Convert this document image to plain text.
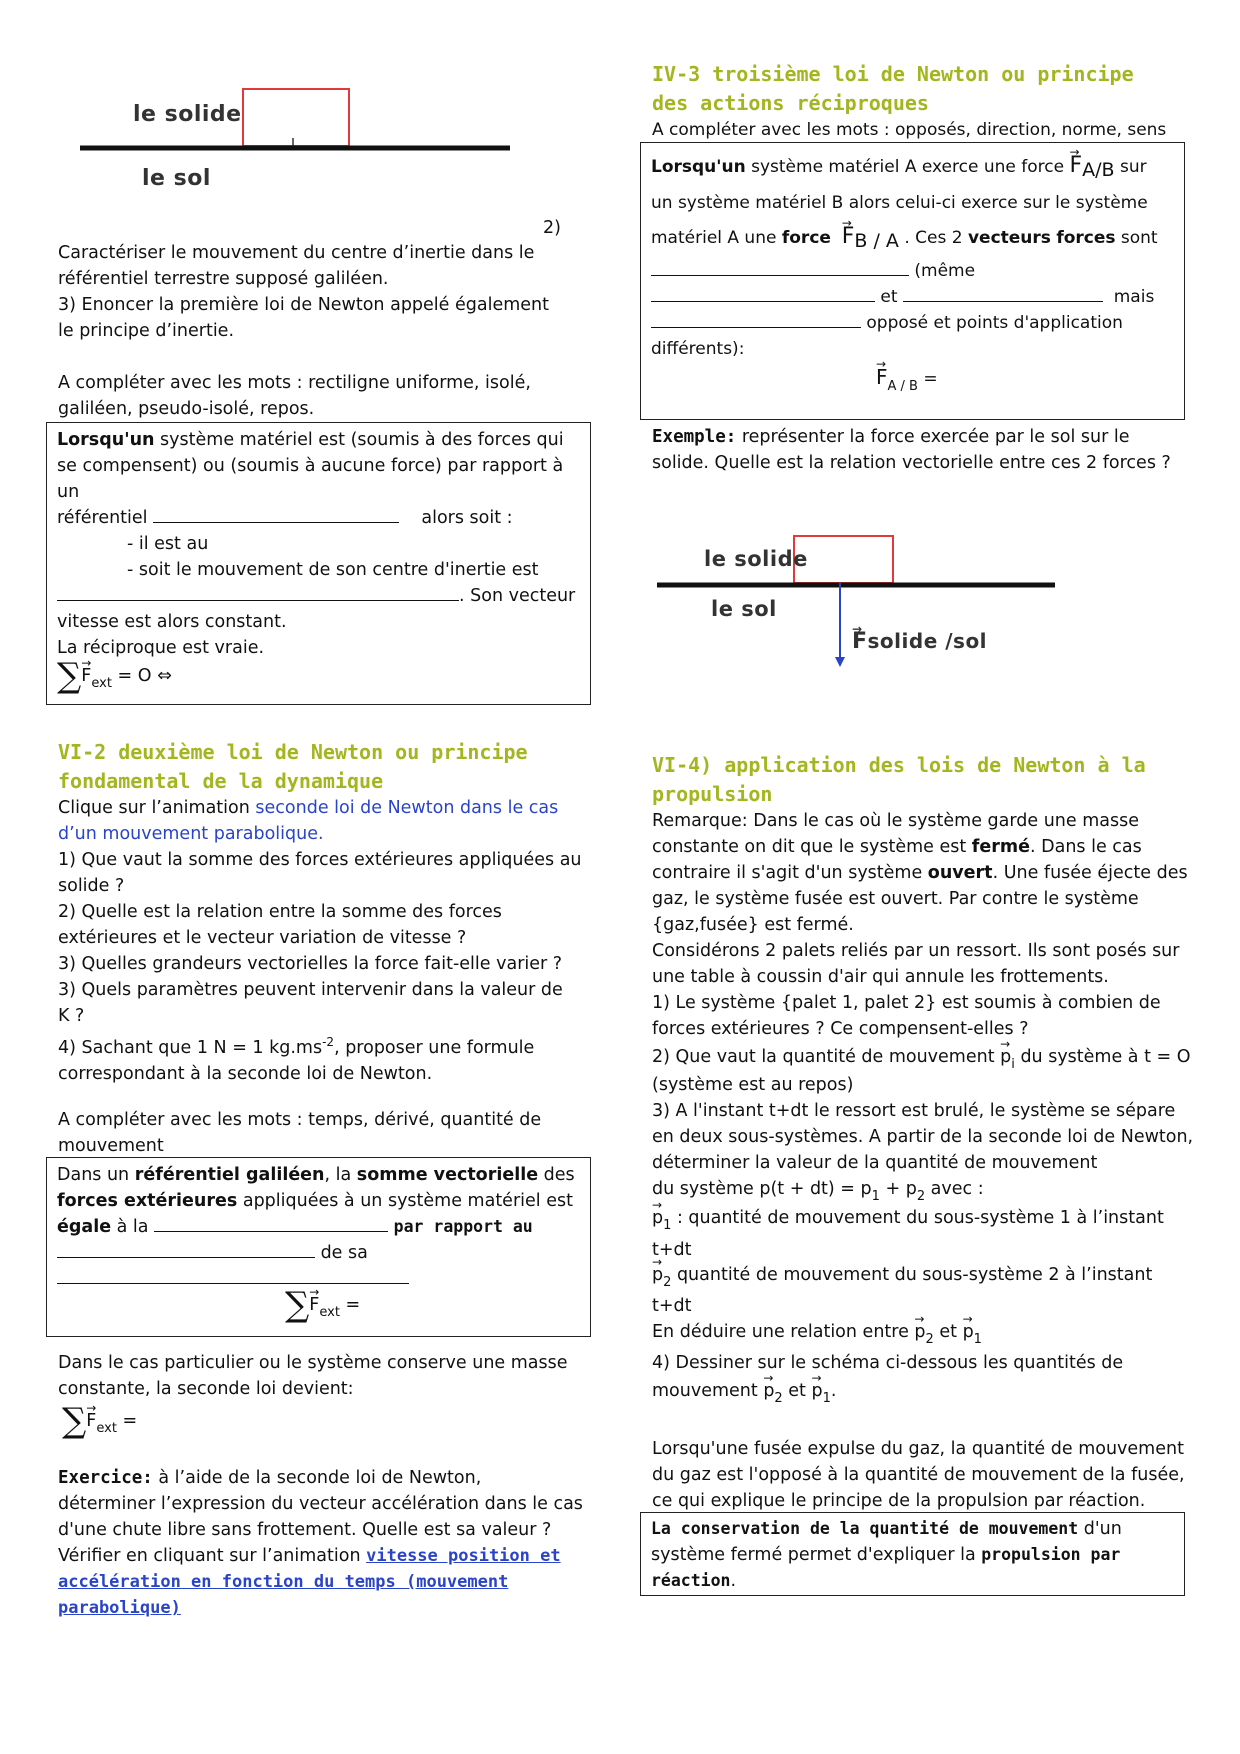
le solide
le sol
2)

Caractériser le mouvement du centre d’inertie dans le référentiel terrestre supposé galiléen.

3) Enoncer la première loi de Newton appelé également le principe d’inertie.

A compléter avec les mots : rectiligne uniforme, isolé, galiléen, pseudo-isolé, repos.

Lorsqu'un système matériel est (soumis à des forces qui se compensent) ou (soumis à aucune force) par rapport à un

référentiel	alors soit :

- il est au

- soit le mouvement de son centre d'inertie est

. Son vecteur

vitesse est alors constant.

La réciproque est vraie.

∑→ $F_{ext} = O$ ⇔

VI-2 deuxième loi de Newton ou principe fondamental de la dynamique

Clique sur l’animation seconde loi de Newton dans le cas d’un mouvement parabolique.

1) Que vaut la somme des forces extérieures appliquées au solide ?

2) Quelle est la relation entre la somme des forces extérieures et le vecteur variation de vitesse ?

3) Quelles grandeurs vectorielles la force fait-elle varier ?

3) Quels paramètres peuvent intervenir dans la valeur de K ?

4) Sachant que 1 N = 1 $kg.ms^{-2}$, proposer une formule correspondant à la seconde loi de Newton.

A compléter avec les mots : temps, dérivé, quantité de mouvement

Dans un référentiel galiléen, la somme vectorielle des

forces extérieures appliquées à un système matériel est

égale à la	par rapport au

de sa

∑→ $F_{ext}$ =

Dans le cas particulier ou le système conserve une masse constante, la seconde loi devient:

∑→ $F_{ext}$ =

Exercice: à l’aide de la seconde loi de Newton, déterminer l’expression du vecteur accélération dans le cas d'une chute libre sans frottement. Quelle est sa valeur ? Vérifier en cliquant sur l’animation vitesse position et accélération en fonction du temps (mouvement parabolique)

IV-3 troisième loi de Newton ou principe des actions réciproques

A compléter avec les mots : opposés, direction, norme, sens

Lorsqu'un système matériel A exerce une force → FA/B sur

un système matériel B alors celui-ci exerce sur le système

matériel A une force  → FB / A . Ces 2 vecteurs forces sont

(même

et	mais

opposé et points d'application

différents):

→ $F_{A / B}$ =

Exemple: représenter la force exercée par le sol sur le solide. Quelle est la relation vectorielle entre ces 2 forces ?

le solide
le sol
→ Fsolide /sol

VI-4) application des lois de Newton à la propulsion

Remarque: Dans le cas où le système garde une masse constante on dit que le système est fermé. Dans le cas contraire il s'agit d'un système ouvert. Une fusée éjecte des gaz, le système fusée est ouvert. Par contre le système {gaz,fusée} est fermé.

Considérons 2 palets reliés par un ressort. Ils sont posés sur une table à coussin d'air qui annule les frottements.

1) Le système {palet 1, palet 2} est soumis à combien de forces extérieures ? Ce compensent-elles ?

2) Que vaut la quantité de mouvement → $p_i$ du système à t = O

(système est au repos)

3) A l'instant t+dt le ressort est brulé, le système se sépare en deux sous-systèmes. A partir de la seconde loi de Newton, déterminer la valeur de la quantité de mouvement

du système $p(t + dt) = p_1 + p_2$ avec :

→ $p_1$ : quantité de mouvement du sous-système 1 à l’instant

t+dt

→ $p_2$ quantité de mouvement du sous-système 2 à l’instant

t+dt

En déduire une relation entre → $p_2$ et → $p_1$

4) Dessiner sur le schéma ci-dessous les quantités de

mouvement → $p_2$ et → $p_1$.

Lorsqu'une fusée expulse du gaz, la quantité de mouvement du gaz est l'opposé à la quantité de mouvement de la fusée, ce qui explique le principe de la propulsion par réaction.

La conservation de la quantité de mouvement d'un système fermé permet d'expliquer la propulsion par réaction.
